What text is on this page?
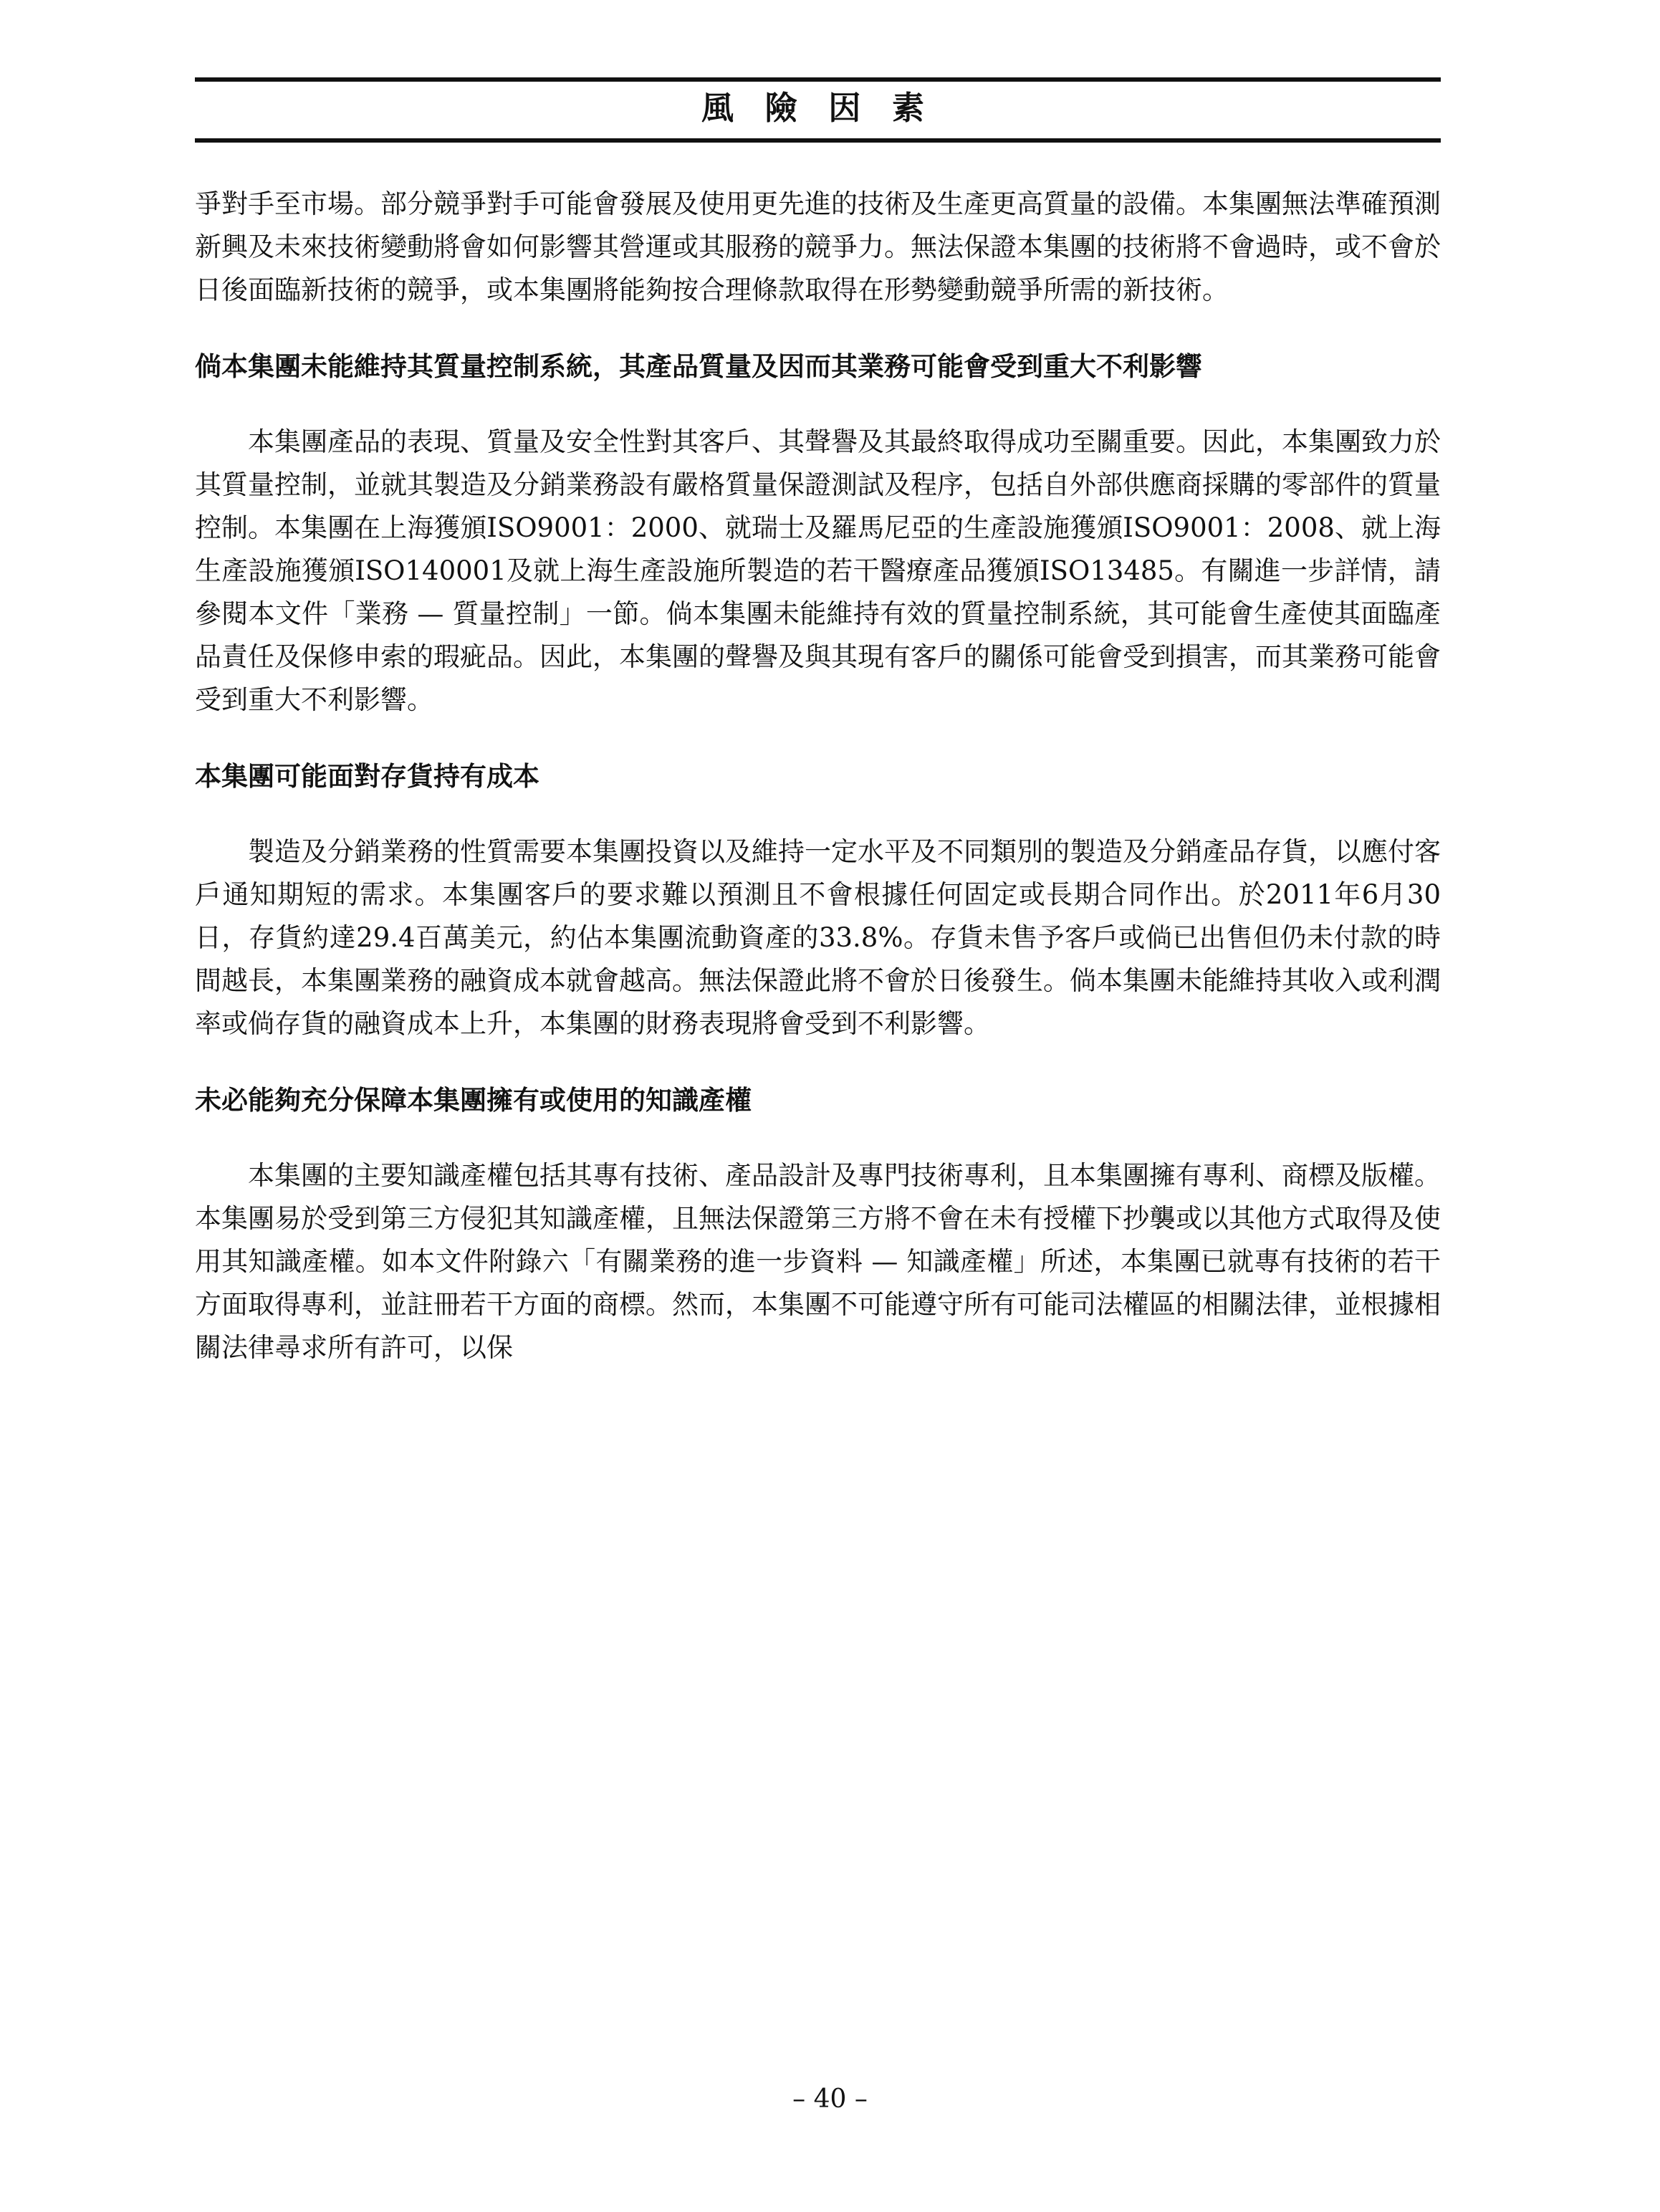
風 險 因 素

爭對手至市場。部分競爭對手可能會發展及使用更先進的技術及生產更高質量的設備。本集團無法準確預測新興及未來技術變動將會如何影響其營運或其服務的競爭力。無法保證本集團的技術將不會過時，或不會於日後面臨新技術的競爭，或本集團將能夠按合理條款取得在形勢變動競爭所需的新技術。

倘本集團未能維持其質量控制系統，其產品質量及因而其業務可能會受到重大不利影響

本集團產品的表現、質量及安全性對其客戶、其聲譽及其最終取得成功至關重要。因此，本集團致力於其質量控制，並就其製造及分銷業務設有嚴格質量保證測試及程序，包括自外部供應商採購的零部件的質量控制。本集團在上海獲頒ISO9001：2000、就瑞士及羅馬尼亞的生產設施獲頒ISO9001：2008、就上海生產設施獲頒ISO140001及就上海生產設施所製造的若干醫療產品獲頒ISO13485。有關進一步詳情，請參閱本文件「業務 — 質量控制」一節。倘本集團未能維持有效的質量控制系統，其可能會生產使其面臨產品責任及保修申索的瑕疵品。因此，本集團的聲譽及與其現有客戶的關係可能會受到損害，而其業務可能會受到重大不利影響。

本集團可能面對存貨持有成本

製造及分銷業務的性質需要本集團投資以及維持一定水平及不同類別的製造及分銷產品存貨，以應付客戶通知期短的需求。本集團客戶的要求難以預測且不會根據任何固定或長期合同作出。於2011年6月30日，存貨約達29.4百萬美元，約佔本集團流動資產的33.8%。存貨未售予客戶或倘已出售但仍未付款的時間越長，本集團業務的融資成本就會越高。無法保證此將不會於日後發生。倘本集團未能維持其收入或利潤率或倘存貨的融資成本上升，本集團的財務表現將會受到不利影響。

未必能夠充分保障本集團擁有或使用的知識產權

本集團的主要知識產權包括其專有技術、產品設計及專門技術專利，且本集團擁有專利、商標及版權。本集團易於受到第三方侵犯其知識產權，且無法保證第三方將不會在未有授權下抄襲或以其他方式取得及使用其知識產權。如本文件附錄六「有關業務的進一步資料 — 知識產權」所述，本集團已就專有技術的若干方面取得專利，並註冊若干方面的商標。然而，本集團不可能遵守所有可能司法權區的相關法律，並根據相關法律尋求所有許可，以保

– 40 –
